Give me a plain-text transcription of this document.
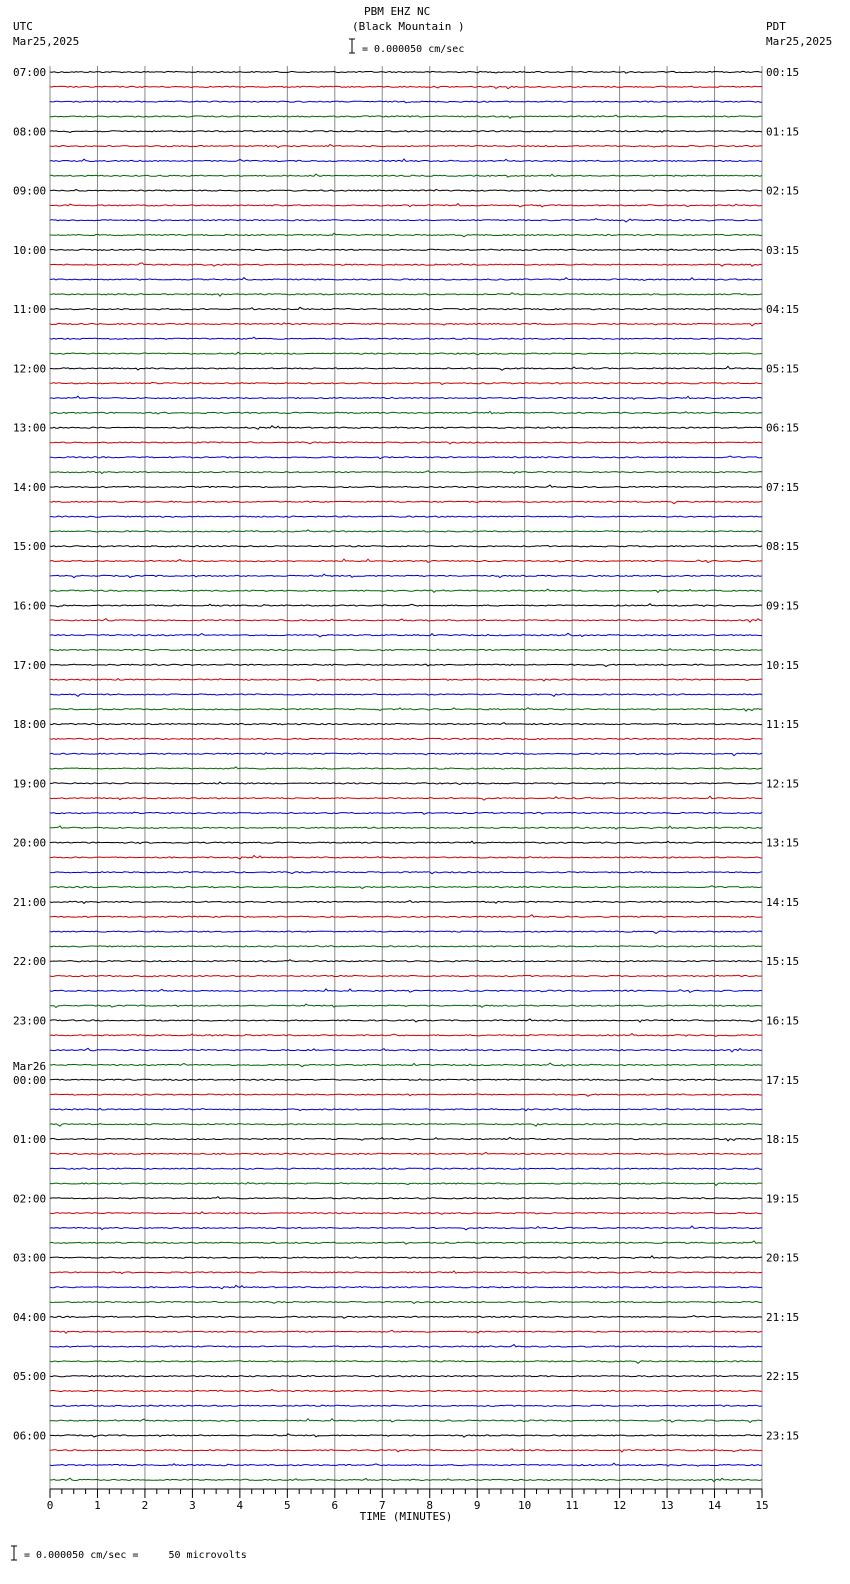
PBM EHZ NC
(Black Mountain )
UTC
Mar25,2025
PDT
Mar25,2025
= 0.000050 cm/sec
= 0.000050 cm/sec =     50 microvolts
0	1	2	3	4	5	6	7	8	9	10	11	12	13	14	15
TIME (MINUTES)
07:00
08:00
09:00
10:00
11:00
12:00
13:00
14:00
15:00
16:00
17:00
18:00
19:00
20:00
21:00
22:00
23:00
00:00
01:00
02:00
03:00
04:00
05:00
06:00
00:15
01:15
02:15
03:15
04:15
05:15
06:15
07:15
08:15
09:15
10:15
11:15
12:15
13:15
14:15
15:15
16:15
17:15
18:15
19:15
20:15
21:15
22:15
23:15
Mar26
